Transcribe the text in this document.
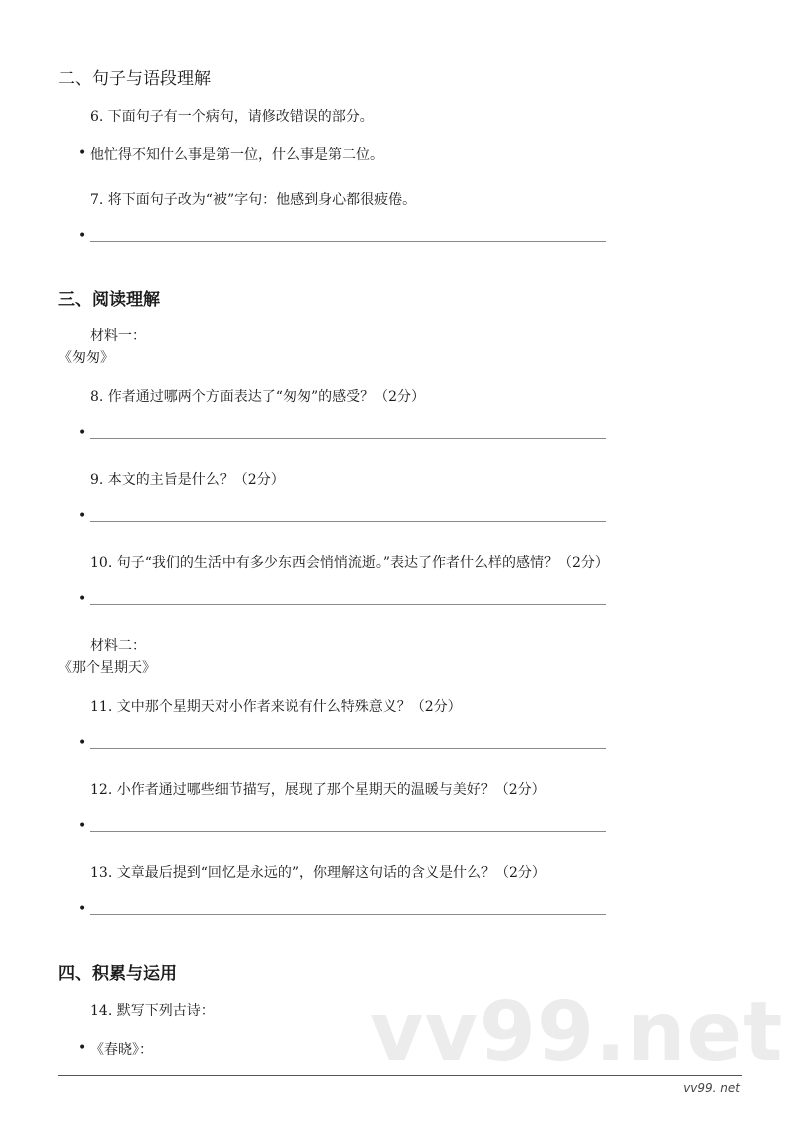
二、句子与语段理解
6. 下面句子有一个病句，请修改错误的部分。
• 他忙得不知什么事是第一位，什么事是第二位。
7. 将下面句子改为“被”字句：他感到身心都很疲倦。
•
三、阅读理解
材料一：
《匆匆》
8. 作者通过哪两个方面表达了“匆匆”的感受？（2分）
•
9. 本文的主旨是什么？（2分）
•
10. 句子“我们的生活中有多少东西会悄悄流逝。”表达了作者什么样的感情？（2分）
•
材料二：
《那个星期天》
11. 文中那个星期天对小作者来说有什么特殊意义？（2分）
•
12. 小作者通过哪些细节描写，展现了那个星期天的温暖与美好？（2分）
•
13. 文章最后提到“回忆是永远的”，你理解这句话的含义是什么？（2分）
•
四、积累与运用
14. 默写下列古诗：
• 《春晓》：	vv99.net
vv99. net
